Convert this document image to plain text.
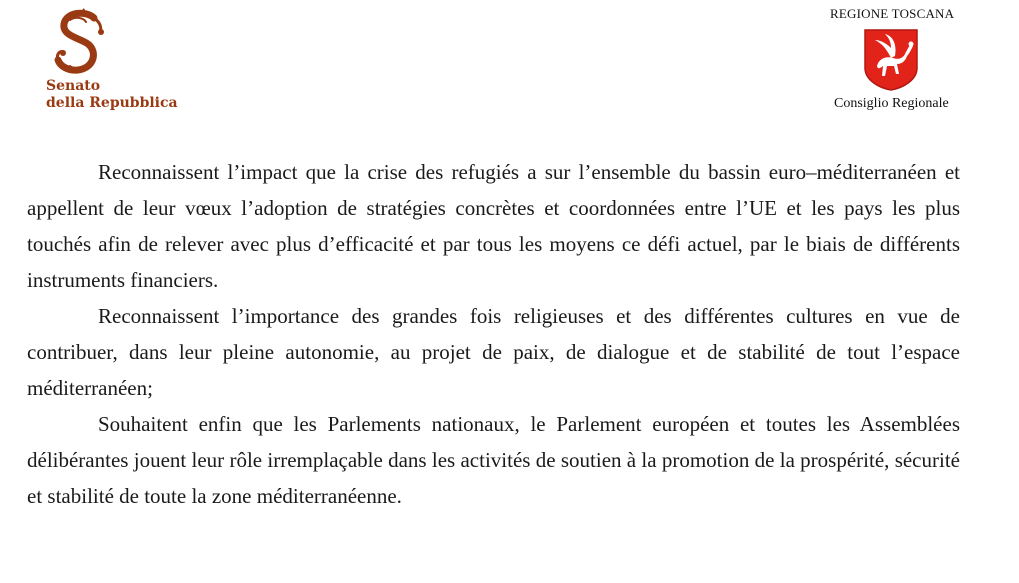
Senato
della Repubblica
REGIONE TOSCANA
Consiglio Regionale

Reconnaissent l’impact que la crise des refugiés a sur l’ensemble du bassin euro–méditerranéen et appellent de leur vœux l’adoption de stratégies concrètes et coordonnées entre l’UE et les pays les plus touchés afin de relever avec plus d’efficacité et par tous les moyens ce défi actuel, par le biais de différents instruments financiers.

Reconnaissent l’importance des grandes fois religieuses et des différentes cultures en vue de contribuer, dans leur pleine autonomie, au projet de paix, de dialogue et de stabilité de tout l’espace méditerranéen;

Souhaitent enfin que les Parlements nationaux, le Parlement européen et toutes les Assemblées délibérantes jouent leur rôle irremplaçable dans les activités de soutien à la promotion de la prospérité, sécurité et stabilité de toute la zone méditerranéenne.
